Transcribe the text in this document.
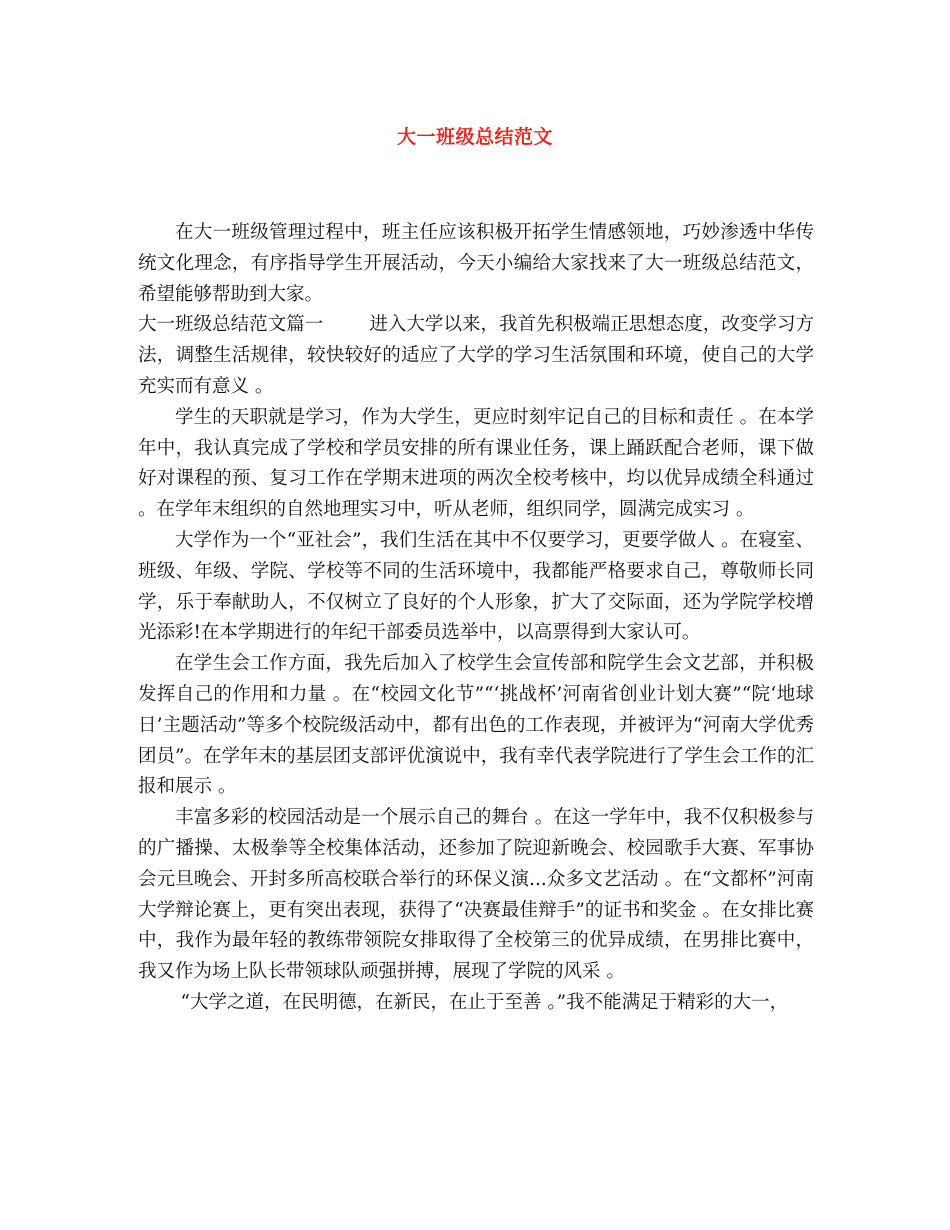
大一班级总结范文

在大一班级管理过程中，班主任应该积极开拓学生情感领地，巧妙渗透中华传统文化理念，有序指导学生开展活动，今天小编给大家找来了大一班级总结范文，希望能够帮助到大家。

大一班级总结范文篇一 进入大学以来，我首先积极端正思想态度，改变学习方法，调整生活规律，较快较好的适应了大学的学习生活氛围和环境，使自己的大学充实而有意义 。

学生的天职就是学习，作为大学生，更应时刻牢记自己的目标和责任 。在本学年中，我认真完成了学校和学员安排的所有课业任务，课上踊跃配合老师，课下做好对课程的预、复习工作在学期末进项的两次全校考核中，均以优异成绩全科通过 。在学年末组织的自然地理实习中，听从老师，组织同学，圆满完成实习 。

大学作为一个“亚社会”，我们生活在其中不仅要学习，更要学做人 。在寝室、班级、年级、学院、学校等不同的生活环境中，我都能严格要求自己，尊敬师长同学，乐于奉献助人，不仅树立了良好的个人形象，扩大了交际面，还为学院学校增光添彩!在本学期进行的年纪干部委员选举中，以高票得到大家认可。

在学生会工作方面，我先后加入了校学生会宣传部和院学生会文艺部，并积极发挥自己的作用和力量 。在“校园文化节”“‘挑战杯’河南省创业计划大赛”“院‘地球日’主题活动”等多个校院级活动中，都有出色的工作表现，并被评为“河南大学优秀团员”。在学年末的基层团支部评优演说中，我有幸代表学院进行了学生会工作的汇报和展示 。

丰富多彩的校园活动是一个展示自己的舞台 。在这一学年中，我不仅积极参与的广播操、太极拳等全校集体活动，还参加了院迎新晚会、校园歌手大赛、军事协会元旦晚会、开封多所高校联合举行的环保义演...众多文艺活动 。在“文都杯”河南大学辩论赛上，更有突出表现，获得了“决赛最佳辩手”的证书和奖金 。在女排比赛中，我作为最年轻的教练带领院女排取得了全校第三的优异成绩，在男排比赛中，我又作为场上队长带领球队顽强拼搏，展现了学院的风采 。

“大学之道，在民明德，在新民，在止于至善 。”我不能满足于精彩的大一，
